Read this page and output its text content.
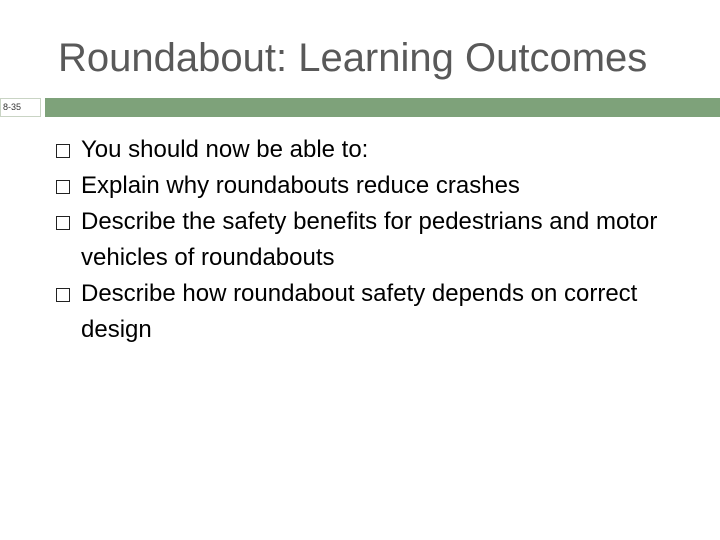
Roundabout: Learning Outcomes
8-35
You should now be able to:
Explain why roundabouts reduce crashes
Describe the safety benefits for pedestrians and motor vehicles of roundabouts
Describe how roundabout safety depends on correct design
